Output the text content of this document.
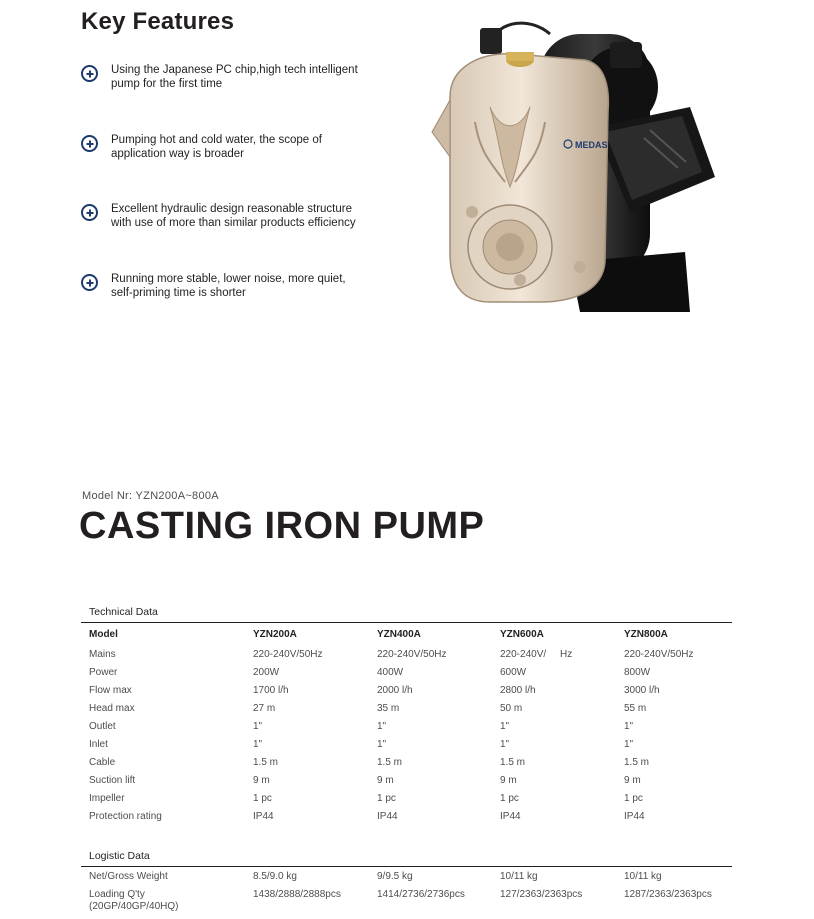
Key Features
Using the Japanese PC chip,high tech intelligent
pump for the first time
Pumping hot and cold water, the scope of
application way is broader
Excellent hydraulic design reasonable structure
with use of more than similar products efficiency
Running more stable, lower noise, more quiet,
self-priming time is shorter
MEDAS
Model Nr: YZN200A~800A
CASTING IRON PUMP
Technical Data
Model	YZN200A	YZN400A	YZN600A	YZN800A
Mains	220-240V/50Hz	220-240V/50Hz	220-240V/     Hz	220-240V/50Hz
Power	200W	400W	600W	800W
Flow max	1700 l/h	2000 l/h	2800 l/h	3000 l/h
Head max	27 m	35 m	50 m	55 m
Outlet	1"	1"	1"	1"
Inlet	1"	1"	1"	1"
Cable	1.5 m	1.5 m	1.5 m	1.5 m
Suction lift	9 m	9 m	9 m	9 m
Impeller	1 pc	1 pc	1 pc	1 pc
Protection rating	IP44	IP44	IP44	IP44
Logistic Data
Net/Gross Weight	8.5/9.0 kg	9/9.5 kg	10/11 kg	10/11 kg
Loading Q'ty	1438/2888/2888pcs	1414/2736/2736pcs	127/2363/2363pcs	1287/2363/2363pcs
(20GP/40GP/40HQ)
